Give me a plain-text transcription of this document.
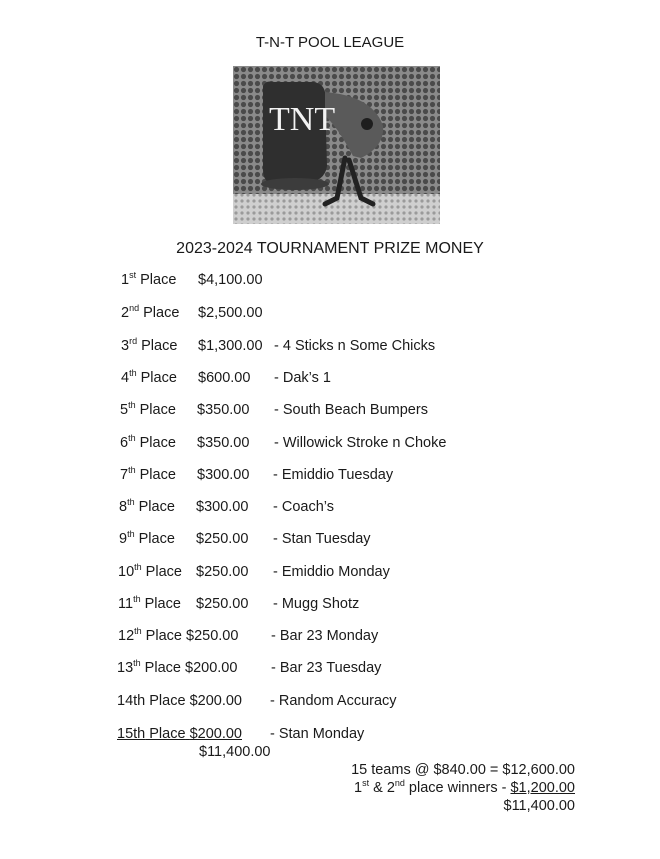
T-N-T POOL LEAGUE
TNT
2023-2024 TOURNAMENT PRIZE MONEY
1st Place $4,100.00
2nd Place $2,500.00
3rd Place $1,300.00 - 4 Sticks n Some Chicks
4th Place $600.00 - Dak’s 1
5th Place $350.00 - South Beach Bumpers
6th Place $350.00 - Willowick Stroke n Choke
7th Place $300.00 - Emiddio Tuesday
8th Place $300.00 - Coach’s
9th Place $250.00 - Stan Tuesday
10th Place $250.00 - Emiddio Monday
11th Place $250.00 - Mugg Shotz
12th Place $250.00 - Bar 23 Monday
13th Place $200.00 - Bar 23 Tuesday
14th Place $200.00 - Random Accuracy
15th Place $200.00 - Stan Monday
$11,400.00
15 teams @ $840.00 = $12,600.00
1st & 2nd place winners - $1,200.00
$11,400.00
